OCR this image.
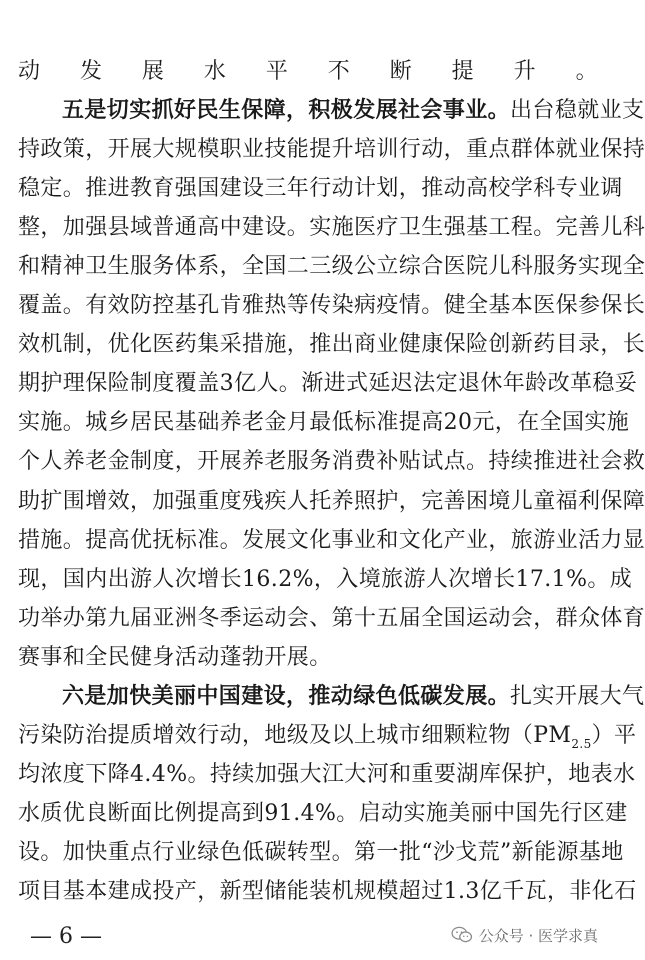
动发展水平不断提升。
五是切实抓好民生保障，积极发展社会事业。出台稳就业支
持政策，开展大规模职业技能提升培训行动，重点群体就业保持
稳定。推进教育强国建设三年行动计划，推动高校学科专业调
整，加强县域普通高中建设。实施医疗卫生强基工程。完善儿科
和精神卫生服务体系，全国二三级公立综合医院儿科服务实现全
覆盖。有效防控基孔肯雅热等传染病疫情。健全基本医保参保长
效机制，优化医药集采措施，推出商业健康保险创新药目录，长
期护理保险制度覆盖3亿人。渐进式延迟法定退休年龄改革稳妥
实施。城乡居民基础养老金月最低标准提高20元，在全国实施
个人养老金制度，开展养老服务消费补贴试点。持续推进社会救
助扩围增效，加强重度残疾人托养照护，完善困境儿童福利保障
措施。提高优抚标准。发展文化事业和文化产业，旅游业活力显
现，国内出游人次增长16.2%，入境旅游人次增长17.1%。成
功举办第九届亚洲冬季运动会、第十五届全国运动会，群众体育
赛事和全民健身活动蓬勃开展。
六是加快美丽中国建设，推动绿色低碳发展。扎实开展大气
污染防治提质增效行动，地级及以上城市细颗粒物$(PM_{2.5})$平
均浓度下降4.4%。持续加强大江大河和重要湖库保护，地表水
水质优良断面比例提高到91.4%。启动实施美丽中国先行区建
设。加快重点行业绿色低碳转型。第一批“沙戈荒”新能源基地
项目基本建成投产，新型储能装机规模超过1.3亿千瓦，非化石
— 6 —	公众号 · 医学求真
